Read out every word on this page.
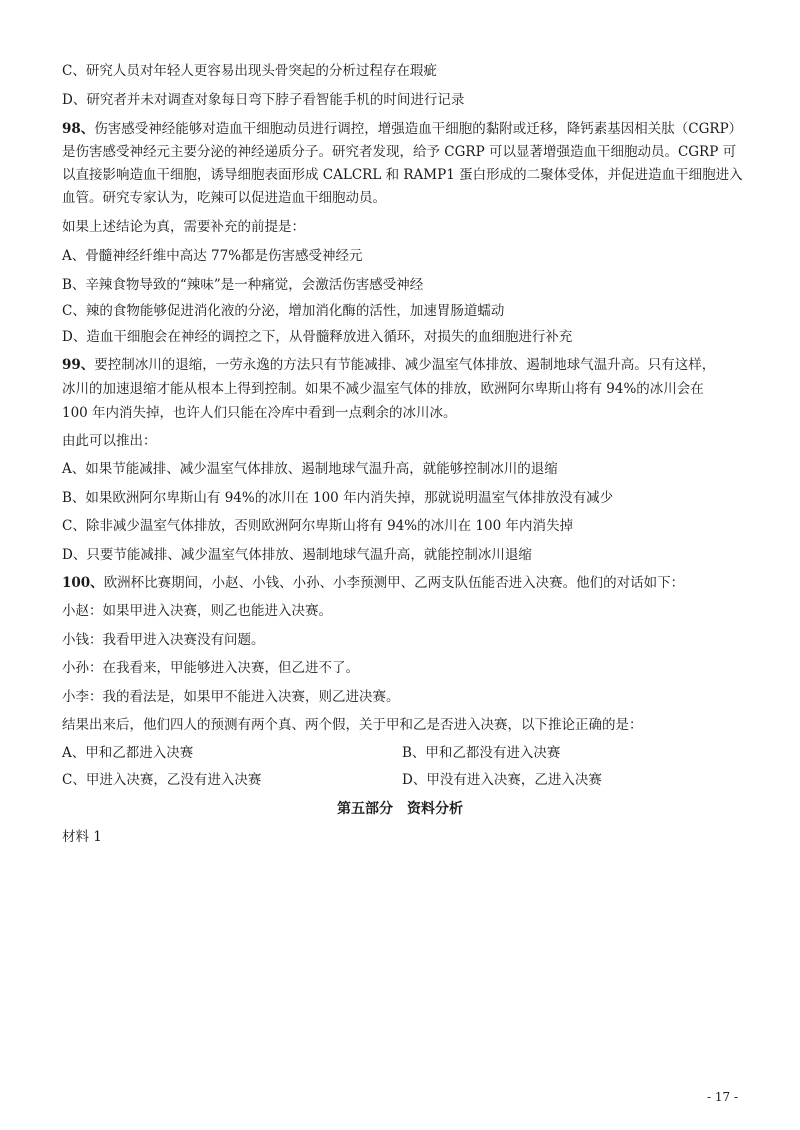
C、研究人员对年轻人更容易出现头骨突起的分析过程存在瑕疵
D、研究者并未对调查对象每日弯下脖子看智能手机的时间进行记录
98、伤害感受神经能够对造血干细胞动员进行调控，增强造血干细胞的黏附或迁移，降钙素基因相关肽（CGRP）
是伤害感受神经元主要分泌的神经递质分子。研究者发现，给予 CGRP 可以显著增强造血干细胞动员。CGRP 可
以直接影响造血干细胞，诱导细胞表面形成 CALCRL 和 RAMP1 蛋白形成的二聚体受体，并促进造血干细胞进入
血管。研究专家认为，吃辣可以促进造血干细胞动员。
如果上述结论为真，需要补充的前提是：
A、骨髓神经纤维中高达 77%都是伤害感受神经元
B、辛辣食物导致的“辣味”是一种痛觉，会激活伤害感受神经
C、辣的食物能够促进消化液的分泌，增加消化酶的活性，加速胃肠道蠕动
D、造血干细胞会在神经的调控之下，从骨髓释放进入循环，对损失的血细胞进行补充
99、要控制冰川的退缩，一劳永逸的方法只有节能减排、减少温室气体排放、遏制地球气温升高。只有这样，
冰川的加速退缩才能从根本上得到控制。如果不减少温室气体的排放，欧洲阿尔卑斯山将有 94%的冰川会在
100 年内消失掉，也许人们只能在冷库中看到一点剩余的冰川冰。
由此可以推出：
A、如果节能减排、减少温室气体排放、遏制地球气温升高，就能够控制冰川的退缩
B、如果欧洲阿尔卑斯山有 94%的冰川在 100 年内消失掉，那就说明温室气体排放没有减少
C、除非减少温室气体排放，否则欧洲阿尔卑斯山将有 94%的冰川在 100 年内消失掉
D、只要节能减排、减少温室气体排放、遏制地球气温升高，就能控制冰川退缩
100、欧洲杯比赛期间，小赵、小钱、小孙、小李预测甲、乙两支队伍能否进入决赛。他们的对话如下：
小赵：如果甲进入决赛，则乙也能进入决赛。
小钱：我看甲进入决赛没有问题。
小孙：在我看来，甲能够进入决赛，但乙进不了。
小李：我的看法是，如果甲不能进入决赛，则乙进决赛。
结果出来后，他们四人的预测有两个真、两个假，关于甲和乙是否进入决赛，以下推论正确的是：
A、甲和乙都进入决赛	B、甲和乙都没有进入决赛
C、甲进入决赛，乙没有进入决赛	D、甲没有进入决赛，乙进入决赛
第五部分　资料分析
材料 1
- 17 -
